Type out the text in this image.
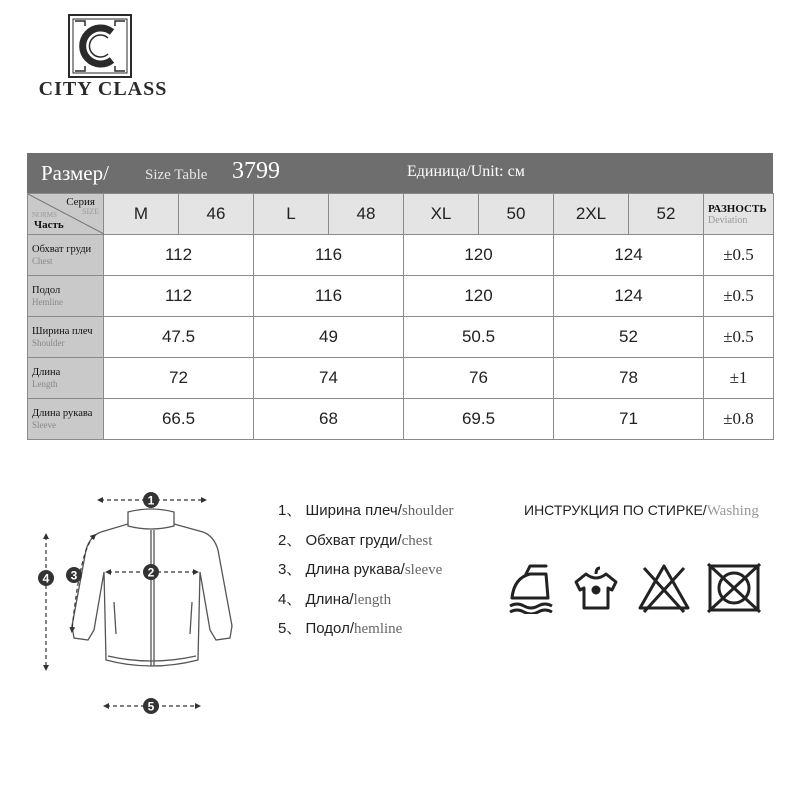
CITY CLASS
Размер/ Size Table 3799	Единица/Unit: см
Серия
SIZE
NORMS
Часть	M	46	L	48	XL	50	2XL	52	РАЗНОСТЬ
Deviation

Обхват груди
Chest	112		116		120		124		±0.5

Подол
Hemline	112		116		120		124		±0.5

Ширина плеч
Shoulder	47.5		49		50.5		52		±0.5

Длина
Length	72		74		76		78		±1

Длина рукава
Sleeve	66.5		68		69.5		71		±0.8
1
2
3
4
5
1、 Ширина плеч/shoulder
2、 Обхват груди/chest
3、 Длина рукава/sleeve
4、 Длина/length
5、 Подол/hemline
ИНСТРУКЦИЯ ПО СТИРКЕ/Washing
